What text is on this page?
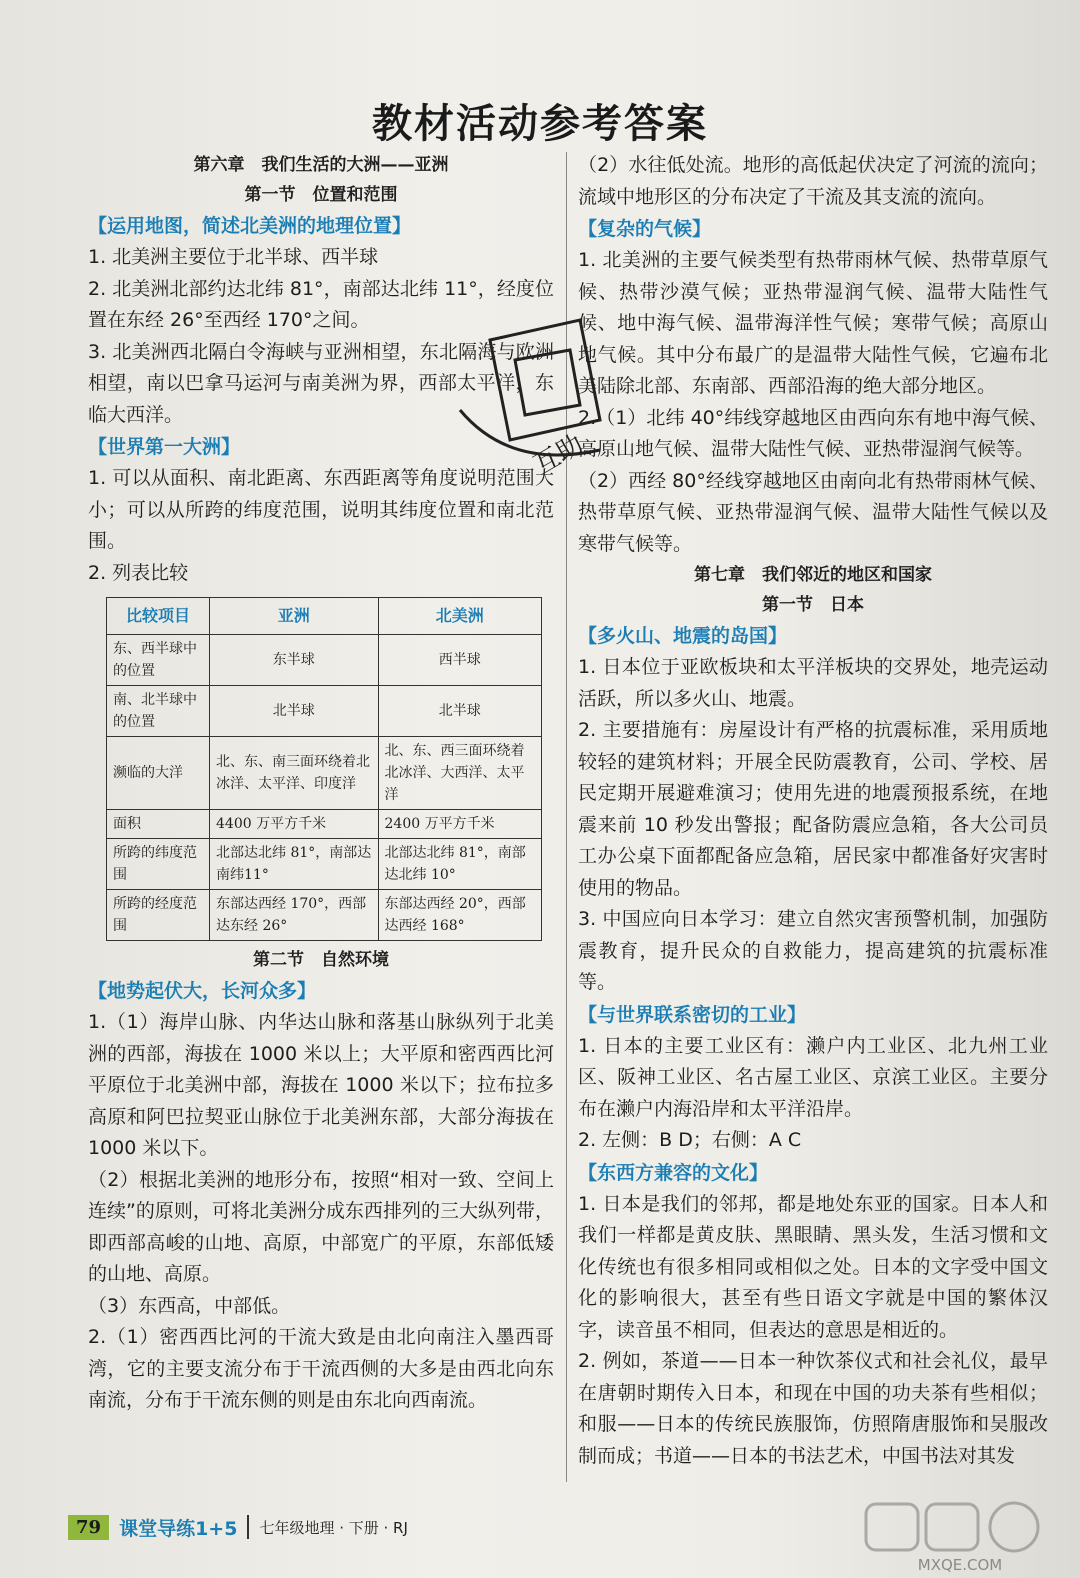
教材活动参考答案
第六章　我们生活的大洲——亚洲
第一节　位置和范围
【运用地图，简述北美洲的地理位置】

1. 北美洲主要位于北半球、西半球

2. 北美洲北部约达北纬 81°，南部达北纬 11°，经度位置在东经 26°至西经 170°之间。

3. 北美洲西北隔白令海峡与亚洲相望，东北隔海与欧洲相望，南以巴拿马运河与南美洲为界，西部太平洋，东临大西洋。

【世界第一大洲】

1. 可以从面积、南北距离、东西距离等角度说明范围大小；可以从所跨的纬度范围，说明其纬度位置和南北范围。

2. 列表比较

比较项目	亚洲	北美洲
东、西半球中的位置	东半球	西半球
南、北半球中的位置	北半球	北半球
濒临的大洋	北、东、南三面环绕着北冰洋、太平洋、印度洋	北、东、西三面环绕着北冰洋、大西洋、太平洋
面积	4400 万平方千米	2400 万平方千米
所跨的纬度范围	北部达北纬 81°，南部达南纬11°	北部达北纬 81°，南部达北纬 10°
所跨的经度范围	东部达西经 170°，西部达东经 26°	东部达西经 20°，西部达西经 168°
第二节　自然环境
【地势起伏大，长河众多】

1.（1）海岸山脉、内华达山脉和落基山脉纵列于北美洲的西部，海拔在 1000 米以上；大平原和密西西比河平原位于北美洲中部，海拔在 1000 米以下；拉布拉多高原和阿巴拉契亚山脉位于北美洲东部，大部分海拔在 1000 米以下。

（2）根据北美洲的地形分布，按照“相对一致、空间上连续”的原则，可将北美洲分成东西排列的三大纵列带，即西部高峻的山地、高原，中部宽广的平原，东部低矮的山地、高原。

（3）东西高，中部低。

2.（1）密西西比河的干流大致是由北向南注入墨西哥湾，它的主要支流分布于干流西侧的大多是由西北向东南流，分布于干流东侧的则是由东北向西南流。

（2）水往低处流。地形的高低起伏决定了河流的流向；流域中地形区的分布决定了干流及其支流的流向。

【复杂的气候】

1. 北美洲的主要气候类型有热带雨林气候、热带草原气候、热带沙漠气候；亚热带湿润气候、温带大陆性气候、地中海气候、温带海洋性气候；寒带气候；高原山地气候。其中分布最广的是温带大陆性气候，它遍布北美陆除北部、东南部、西部沿海的绝大部分地区。

2.（1）北纬 40°纬线穿越地区由西向东有地中海气候、高原山地气候、温带大陆性气候、亚热带湿润气候等。

（2）西经 80°经线穿越地区由南向北有热带雨林气候、热带草原气候、亚热带湿润气候、温带大陆性气候以及寒带气候等。

第七章　我们邻近的地区和国家
第一节　日本
【多火山、地震的岛国】

1. 日本位于亚欧板块和太平洋板块的交界处，地壳运动活跃，所以多火山、地震。

2. 主要措施有：房屋设计有严格的抗震标准，采用质地较轻的建筑材料；开展全民防震教育，公司、学校、居民定期开展避难演习；使用先进的地震预报系统，在地震来前 10 秒发出警报；配备防震应急箱，各大公司员工办公桌下面都配备应急箱，居民家中都准备好灾害时使用的物品。

3. 中国应向日本学习：建立自然灾害预警机制，加强防震教育，提升民众的自救能力，提高建筑的抗震标准等。

【与世界联系密切的工业】

1. 日本的主要工业区有：濑户内工业区、北九州工业区、阪神工业区、名古屋工业区、京滨工业区。主要分布在濑户内海沿岸和太平洋沿岸。

2. 左侧：B D；右侧：A C

【东西方兼容的文化】

1. 日本是我们的邻邦，都是地处东亚的国家。日本人和我们一样都是黄皮肤、黑眼睛、黑头发，生活习惯和文化传统也有很多相同或相似之处。日本的文字受中国文化的影响很大，甚至有些日语文字就是中国的繁体汉字，读音虽不相同，但表达的意思是相近的。

2. 例如，茶道——日本一种饮茶仪式和社会礼仪，最早在唐朝时期传入日本，和现在中国的功夫茶有些相似；和服——日本的传统民族服饰，仿照隋唐服饰和吴服改制而成；书道——日本的书法艺术，中国书法对其发

互助
79 课堂导练1+5 七年级地理 · 下册 · RJ
MXQE.COM
